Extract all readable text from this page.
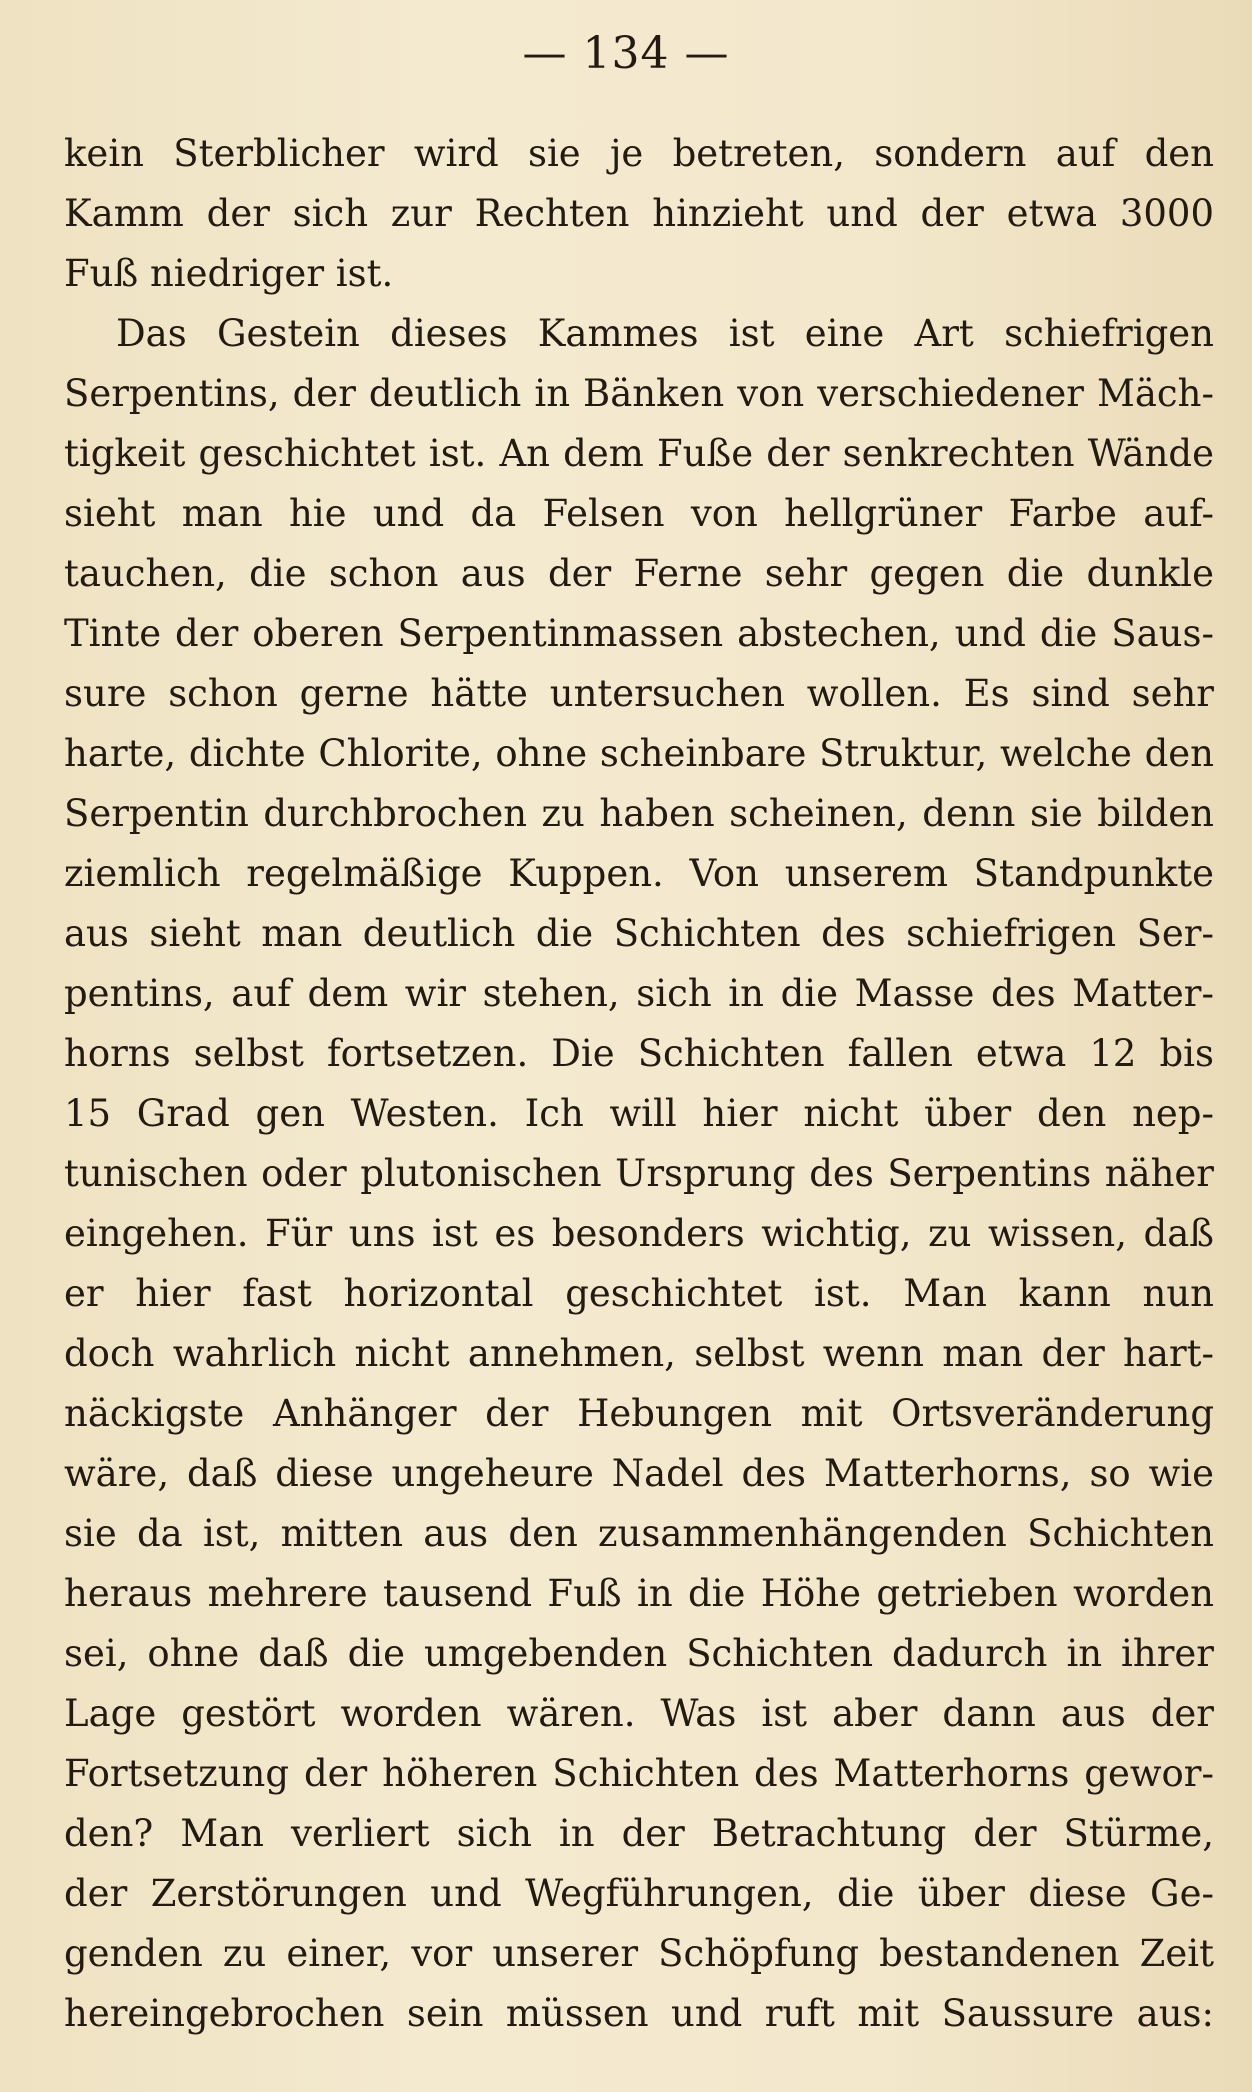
— 134 —
kein Sterblicher wird sie je betreten, sondern auf den
Kamm der sich zur Rechten hinzieht und der etwa 3000
Fuß niedriger ist.
Das Gestein dieses Kammes ist eine Art schiefrigen
Serpentins, der deutlich in Bänken von verschiedener Mäch-
tigkeit geschichtet ist. An dem Fuße der senkrechten Wände
sieht man hie und da Felsen von hellgrüner Farbe auf-
tauchen, die schon aus der Ferne sehr gegen die dunkle
Tinte der oberen Serpentinmassen abstechen, und die Saus-
sure schon gerne hätte untersuchen wollen. Es sind sehr
harte, dichte Chlorite, ohne scheinbare Struktur, welche den
Serpentin durchbrochen zu haben scheinen, denn sie bilden
ziemlich regelmäßige Kuppen. Von unserem Standpunkte
aus sieht man deutlich die Schichten des schiefrigen Ser-
pentins, auf dem wir stehen, sich in die Masse des Matter-
horns selbst fortsetzen. Die Schichten fallen etwa 12 bis
15 Grad gen Westen. Ich will hier nicht über den nep-
tunischen oder plutonischen Ursprung des Serpentins näher
eingehen. Für uns ist es besonders wichtig, zu wissen, daß
er hier fast horizontal geschichtet ist. Man kann nun
doch wahrlich nicht annehmen, selbst wenn man der hart-
näckigste Anhänger der Hebungen mit Ortsveränderung
wäre, daß diese ungeheure Nadel des Matterhorns, so wie
sie da ist, mitten aus den zusammenhängenden Schichten
heraus mehrere tausend Fuß in die Höhe getrieben worden
sei, ohne daß die umgebenden Schichten dadurch in ihrer
Lage gestört worden wären. Was ist aber dann aus der
Fortsetzung der höheren Schichten des Matterhorns gewor-
den? Man verliert sich in der Betrachtung der Stürme,
der Zerstörungen und Wegführungen, die über diese Ge-
genden zu einer, vor unserer Schöpfung bestandenen Zeit
hereingebrochen sein müssen und ruft mit Saussure aus:
